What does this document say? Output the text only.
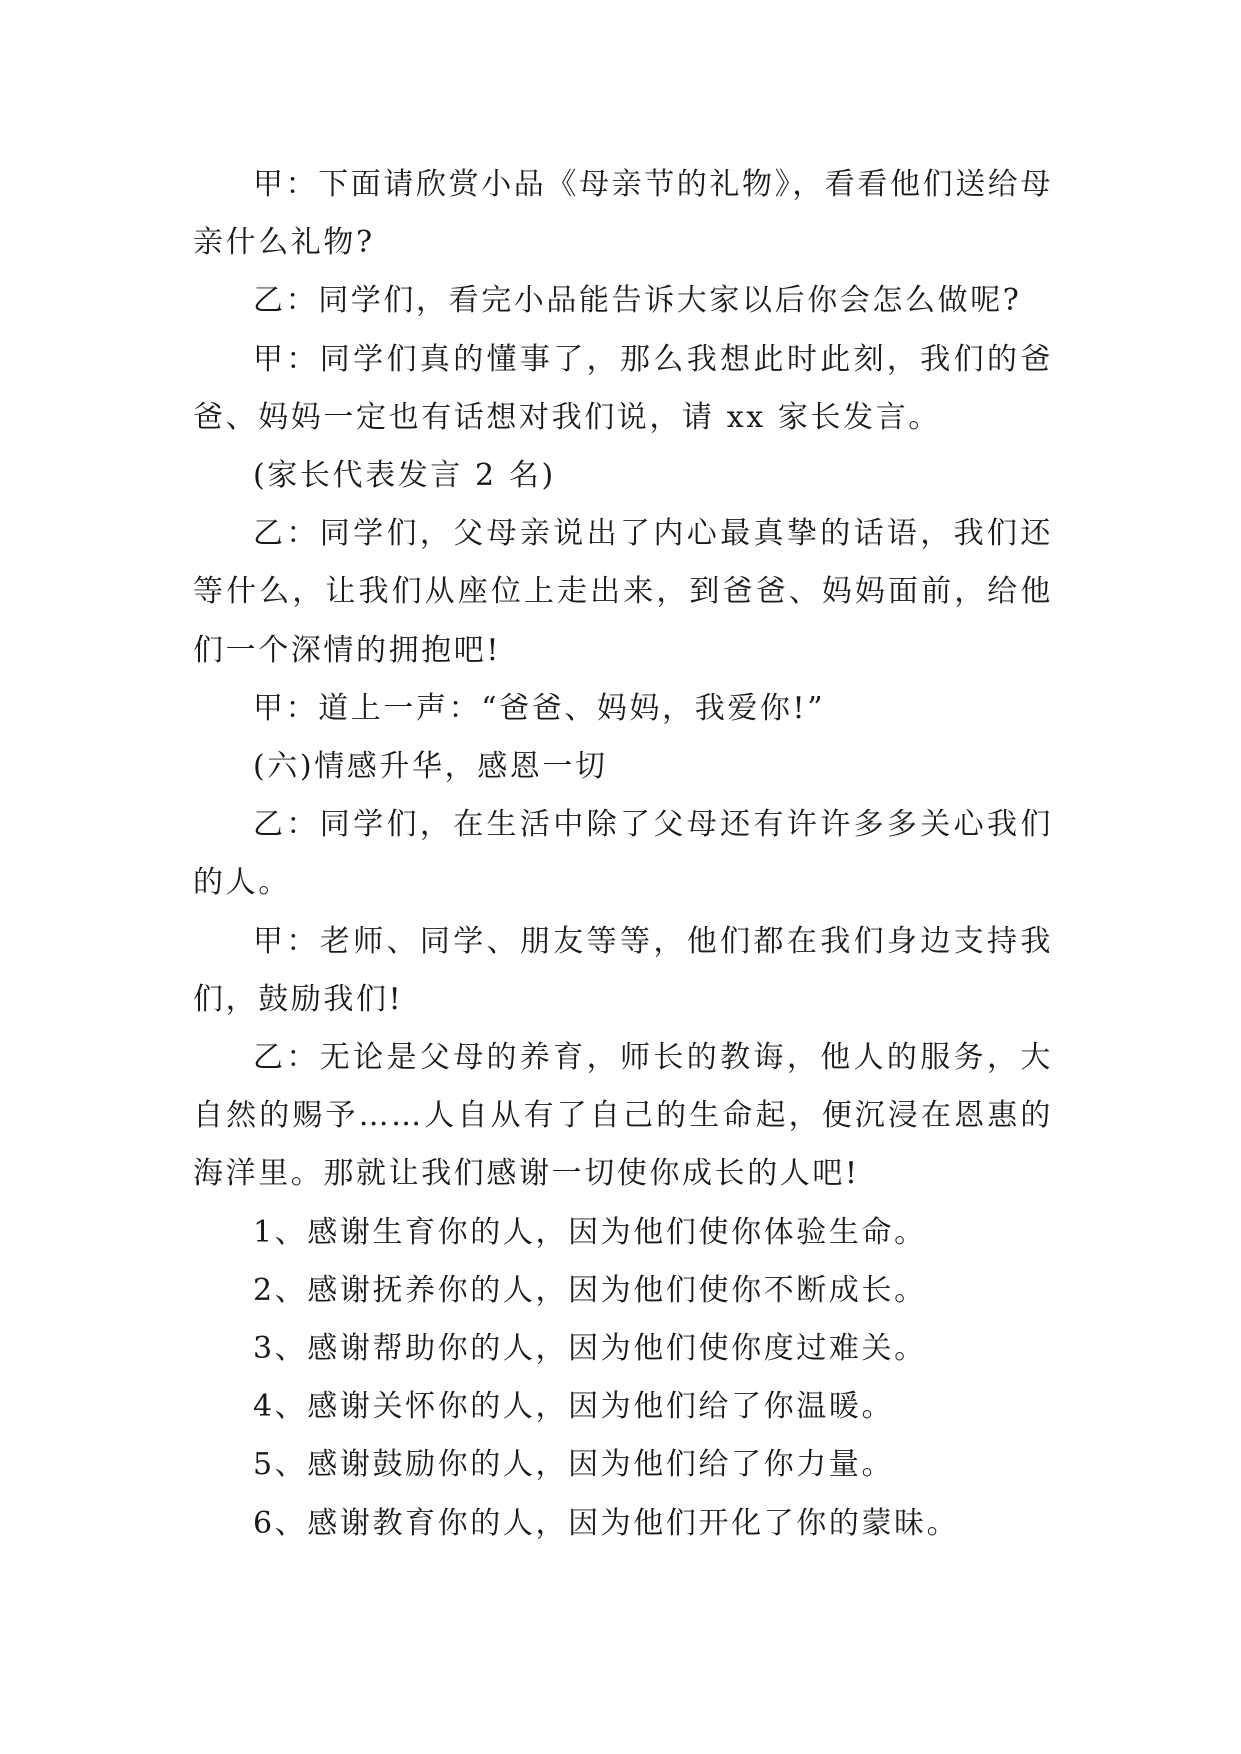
甲：下面请欣赏小品《母亲节的礼物》，看看他们送给母亲什么礼物?

乙：同学们，看完小品能告诉大家以后你会怎么做呢?

甲：同学们真的懂事了，那么我想此时此刻，我们的爸爸、妈妈一定也有话想对我们说，请 xx 家长发言。

(家长代表发言 2 名)

乙：同学们，父母亲说出了内心最真挚的话语，我们还等什么，让我们从座位上走出来，到爸爸、妈妈面前，给他们一个深情的拥抱吧!

甲：道上一声：“爸爸、妈妈，我爱你!”

(六)情感升华，感恩一切

乙：同学们，在生活中除了父母还有许许多多关心我们的人。

甲：老师、同学、朋友等等，他们都在我们身边支持我们，鼓励我们!

乙：无论是父母的养育，师长的教诲，他人的服务，大自然的赐予……人自从有了自己的生命起，便沉浸在恩惠的海洋里。那就让我们感谢一切使你成长的人吧!

1、感谢生育你的人，因为他们使你体验生命。

2、感谢抚养你的人，因为他们使你不断成长。

3、感谢帮助你的人，因为他们使你度过难关。

4、感谢关怀你的人，因为他们给了你温暖。

5、感谢鼓励你的人，因为他们给了你力量。

6、感谢教育你的人，因为他们开化了你的蒙昧。
